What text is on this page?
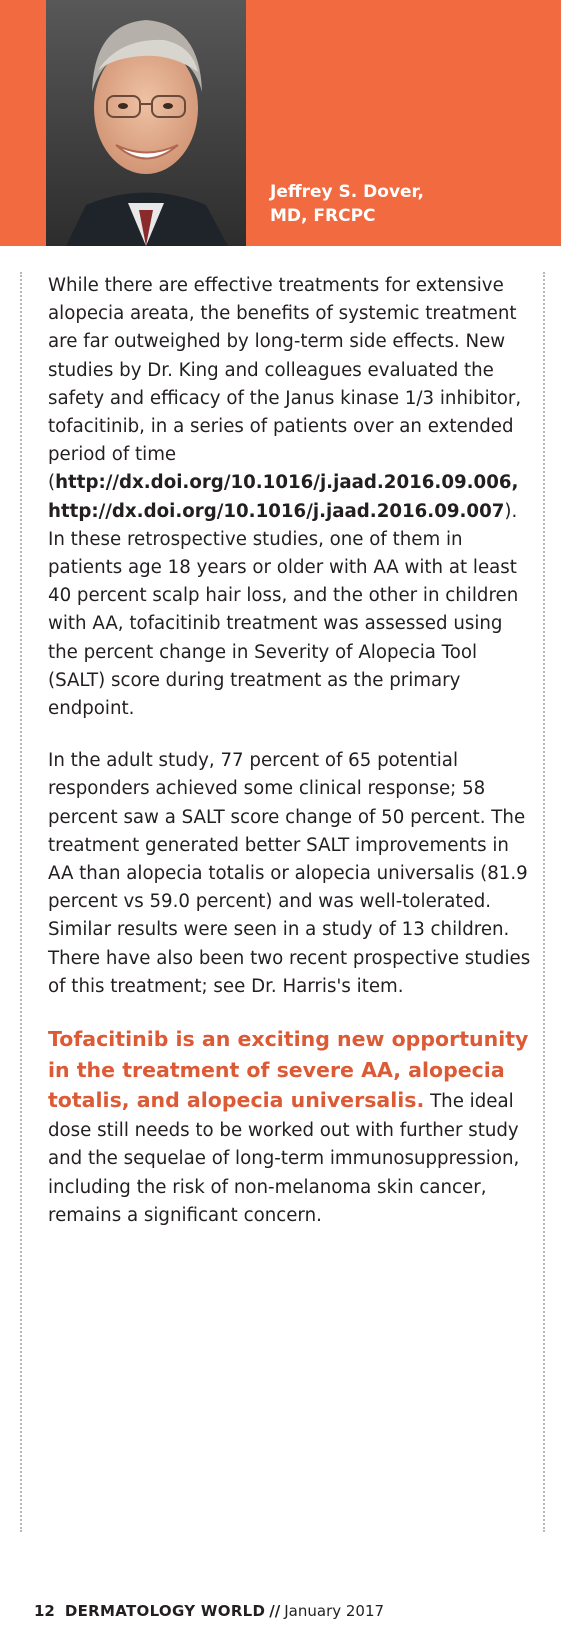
Jeffrey S. Dover,
MD, FRCPC

While there are effective treatments for extensive alopecia areata, the benefits of systemic treatment are far outweighed by long-term side effects. New studies by Dr. King and colleagues evaluated the safety and efficacy of the Janus kinase 1/3 inhibitor, tofacitinib, in a series of patients over an extended period of time (http://dx.doi.org/10.1016/j.jaad.2016.09.006, http://dx.doi.org/10.1016/j.jaad.2016.09.007). In these retrospective studies, one of them in patients age 18 years or older with AA with at least 40 percent scalp hair loss, and the other in children with AA, tofacitinib treatment was assessed using the percent change in Severity of Alopecia Tool (SALT) score during treatment as the primary endpoint.

In the adult study, 77 percent of 65 potential responders achieved some clinical response; 58 percent saw a SALT score change of 50 percent. The treatment generated better SALT improvements in AA than alopecia totalis or alopecia universalis (81.9 percent vs 59.0 percent) and was well-tolerated. Similar results were seen in a study of 13 children. There have also been two recent prospective studies of this treatment; see Dr. Harris's item.

Tofacitinib is an exciting new opportunity in the treatment of severe AA, alopecia totalis, and alopecia universalis. The ideal dose still needs to be worked out with further study and the sequelae of long-term immunosuppression, including the risk of non-melanoma skin cancer, remains a significant concern.

12 DERMATOLOGY WORLD // January 2017
